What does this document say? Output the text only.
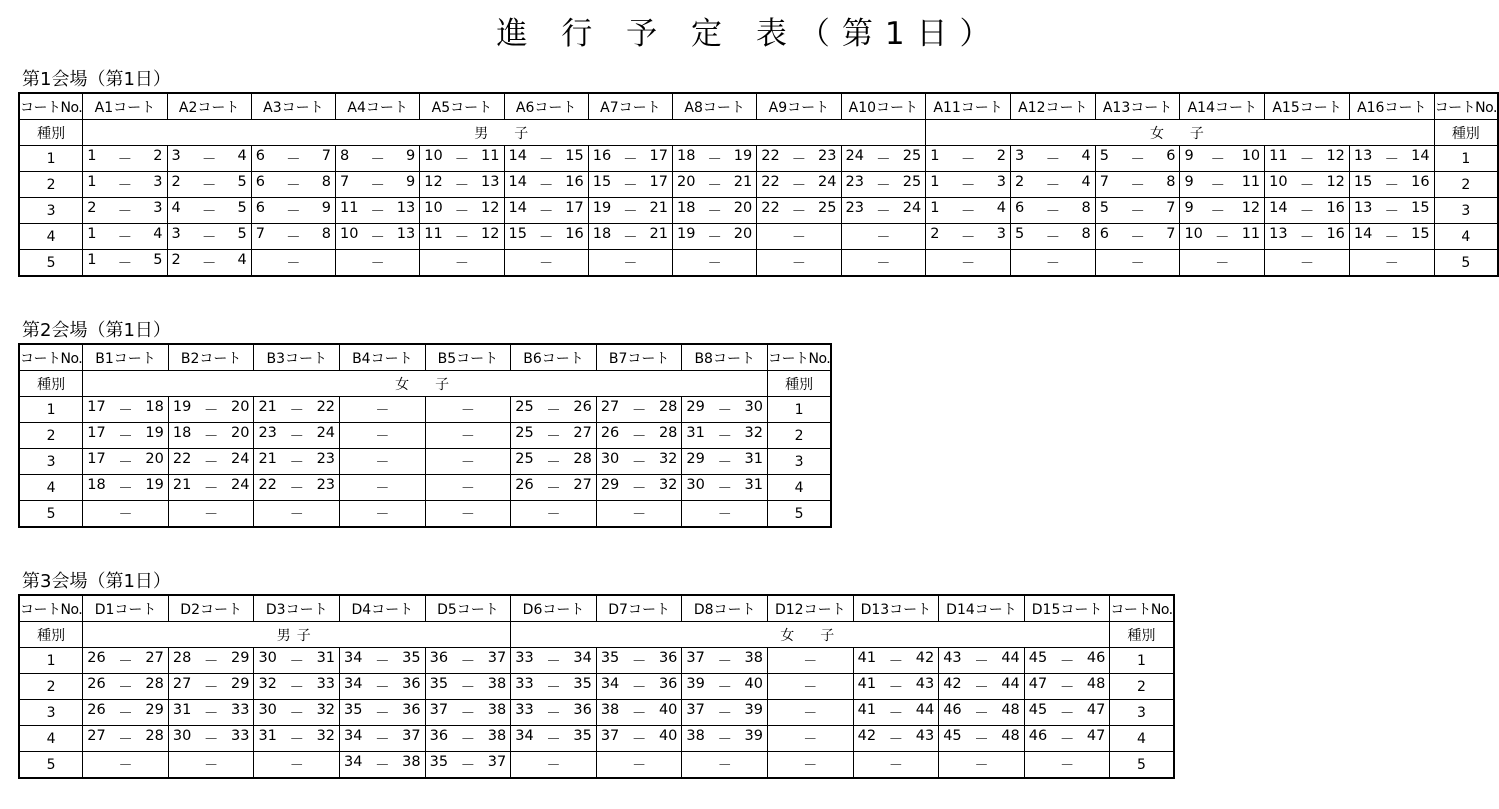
進 行 予 定 表（第1日）
第1会場（第1日）
コートNo.	A1コート	A2コート	A3コート	A4コート	A5コート	A6コート	A7コート	A8コート	A9コート	A10コート	A11コート	A12コート	A13コート	A14コート	A15コート	A16コート	コートNo.
種別	男　子										女　子						種別
1	1 － 2	3 － 4	6 － 7	8 － 9	10 － 11	14 － 15	16 － 17	18 － 19	22 － 23	24 － 25	1 － 2	3 － 4	5 － 6	9 － 10	11 － 12	13 － 14	1
2	1 － 3	2 － 5	6 － 8	7 － 9	12 － 13	14 － 16	15 － 17	20 － 21	22 － 24	23 － 25	1 － 3	2 － 4	7 － 8	9 － 11	10 － 12	15 － 16	2
3	2 － 3	4 － 5	6 － 9	11 － 13	10 － 12	14 － 17	19 － 21	18 － 20	22 － 25	23 － 24	1 － 4	6 － 8	5 － 7	9 － 12	14 － 16	13 － 15	3
4	1 － 4	3 － 5	7 － 8	10 － 13	11 － 12	15 － 16	18 － 21	19 － 20	－	－	2 － 3	5 － 8	6 － 7	10 － 11	13 － 16	14 － 15	4
5	1 － 5	2 － 4	－	－	－	－	－	－	－	－	－	－	－	－	－	－	5
第2会場（第1日）
コートNo.	B1コート	B2コート	B3コート	B4コート	B5コート	B6コート	B7コート	B8コート	コートNo.
種別	女　子								種別
1	17 － 18	19 － 20	21 － 22	－	－	25 － 26	27 － 28	29 － 30	1
2	17 － 19	18 － 20	23 － 24	－	－	25 － 27	26 － 28	31 － 32	2
3	17 － 20	22 － 24	21 － 23	－	－	25 － 28	30 － 32	29 － 31	3
4	18 － 19	21 － 24	22 － 23	－	－	26 － 27	29 － 32	30 － 31	4
5	－	－	－	－	－	－	－	－	5
第3会場（第1日）
コートNo.	D1コート	D2コート	D3コート	D4コート	D5コート	D6コート	D7コート	D8コート	D12コート	D13コート	D14コート	D15コート	コートNo.
種別	男子					女　子							種別
1	26 － 27	28 － 29	30 － 31	34 － 35	36 － 37	33 － 34	35 － 36	37 － 38	－	41 － 42	43 － 44	45 － 46	1
2	26 － 28	27 － 29	32 － 33	34 － 36	35 － 38	33 － 35	34 － 36	39 － 40	－	41 － 43	42 － 44	47 － 48	2
3	26 － 29	31 － 33	30 － 32	35 － 36	37 － 38	33 － 36	38 － 40	37 － 39	－	41 － 44	46 － 48	45 － 47	3
4	27 － 28	30 － 33	31 － 32	34 － 37	36 － 38	34 － 35	37 － 40	38 － 39	－	42 － 43	45 － 48	46 － 47	4
5	－	－	－	34 － 38	35 － 37	－	－	－	－	－	－	－	5
